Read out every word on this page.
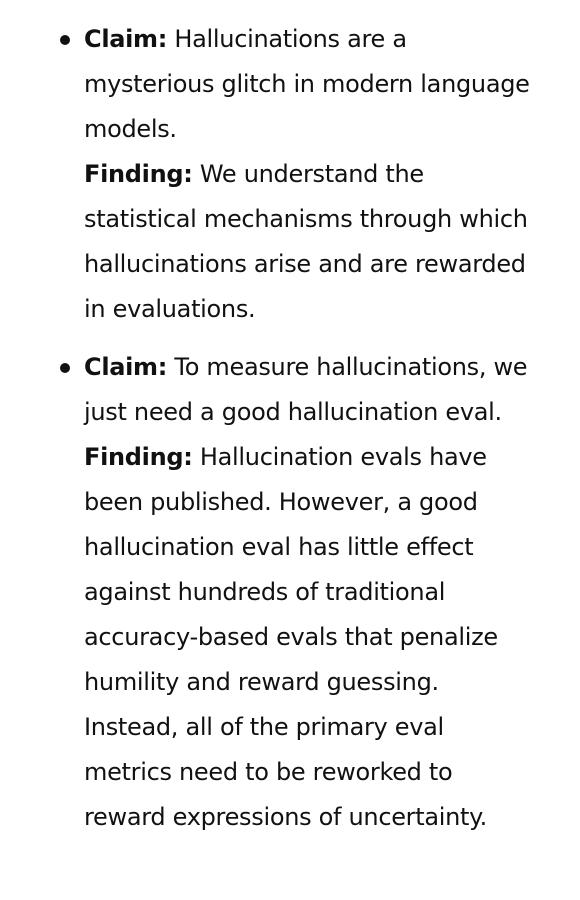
Claim: Hallucinations are a mysterious glitch in modern language models.
Finding: We understand the statistical mechanisms through which hallucinations arise and are rewarded in evaluations.
Claim: To measure hallucinations, we just need a good hallucination eval.
Finding: Hallucination evals have been published. However, a good hallucination eval has little effect against hundreds of traditional accuracy-based evals that penalize humility and reward guessing. Instead, all of the primary eval metrics need to be reworked to reward expressions of uncertainty.
